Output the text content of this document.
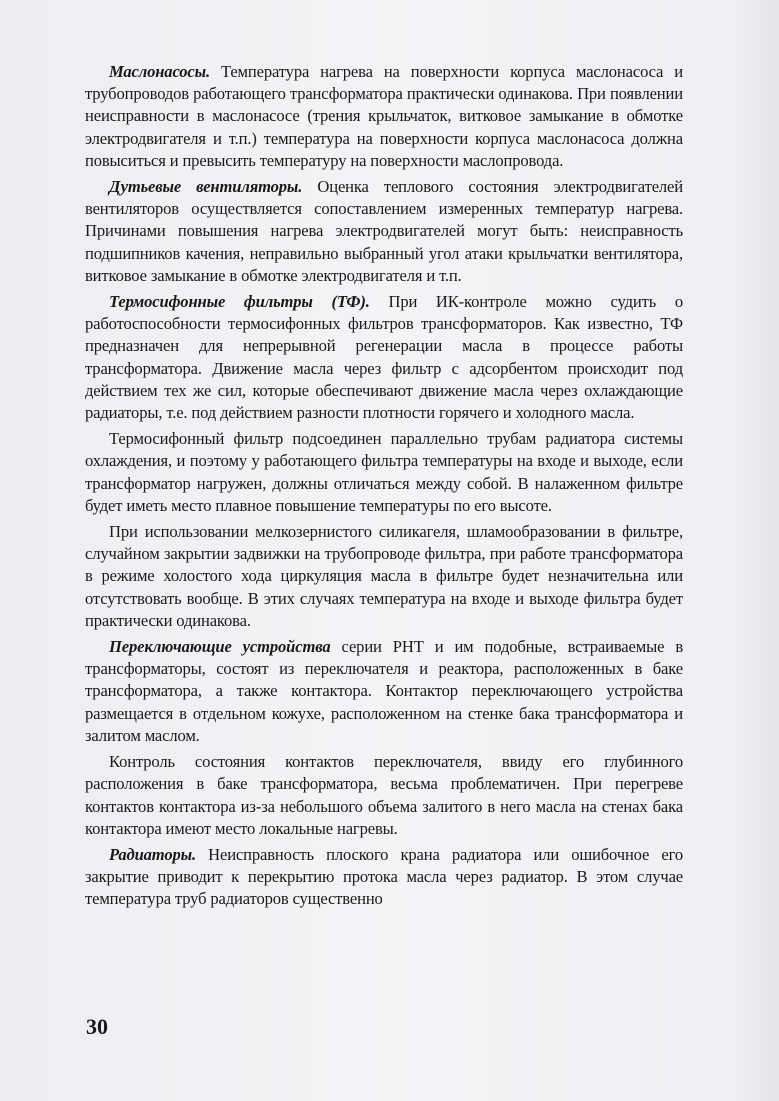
Маслонасосы. Температура нагрева на поверхности корпуса маслонасоса и трубопроводов работающего трансформатора практически одинакова. При появлении неисправности в маслонасосе (трения крыльчаток, витковое замыкание в обмотке электродвигателя и т.п.) температура на поверхности корпуса маслонасоса должна повыситься и превысить температуру на поверхности маслопровода.

Дутьевые вентиляторы. Оценка теплового состояния электродвигателей вентиляторов осуществляется сопоставлением измеренных температур нагрева. Причинами повышения нагрева электродвигателей могут быть: неисправность подшипников качения, неправильно выбранный угол атаки крыльчатки вентилятора, витковое замыкание в обмотке электродвигателя и т.п.

Термосифонные фильтры (ТФ). При ИК-контроле можно судить о работоспособности термосифонных фильтров трансформаторов. Как известно, ТФ предназначен для непрерывной регенерации масла в процессе работы трансформатора. Движение масла через фильтр с адсорбентом происходит под действием тех же сил, которые обеспечивают движение масла через охлаждающие радиаторы, т.е. под действием разности плотности горячего и холодного масла.

Термосифонный фильтр подсоединен параллельно трубам радиатора системы охлаждения, и поэтому у работающего фильтра температуры на входе и выходе, если трансформатор нагружен, должны отличаться между собой. В налаженном фильтре будет иметь место плавное повышение температуры по его высоте.

При использовании мелкозернистого силикагеля, шламообразовании в фильтре, случайном закрытии задвижки на трубопроводе фильтра, при работе трансформатора в режиме холостого хода циркуляция масла в фильтре будет незначительна или отсутствовать вообще. В этих случаях температура на входе и выходе фильтра будет практически одинакова.

Переключающие устройства серии РНТ и им подобные, встраиваемые в трансформаторы, состоят из переключателя и реактора, расположенных в баке трансформатора, а также контактора. Контактор переключающего устройства размещается в отдельном кожухе, расположенном на стенке бака трансформатора и залитом маслом.

Контроль состояния контактов переключателя, ввиду его глубинного расположения в баке трансформатора, весьма проблематичен. При перегреве контактов контактора из-за небольшого объема залитого в него масла на стенах бака контактора имеют место локальные нагревы.

Радиаторы. Неисправность плоского крана радиатора или ошибочное его закрытие приводит к перекрытию протока масла через радиатор. В этом случае температура труб радиаторов существенно

30
